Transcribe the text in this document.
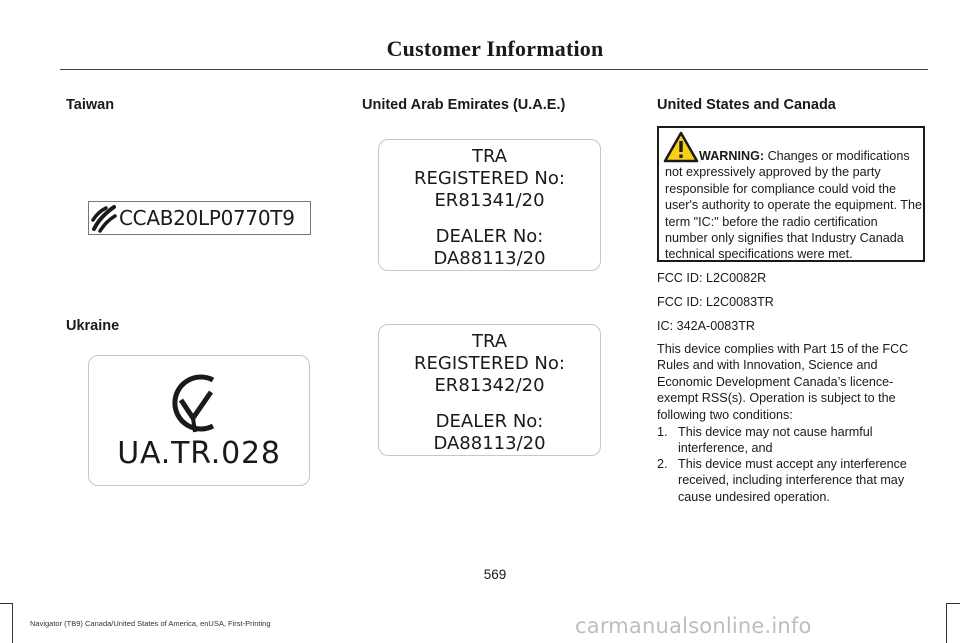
Customer Information
Taiwan
CCAB20LP0770T9
Ukraine
UA.TR.028
United Arab Emirates (U.A.E.)
TRA
REGISTERED No:
ER81341/20
DEALER No:
DA88113/20
TRA
REGISTERED No:
ER81342/20
DEALER No:
DA88113/20
United States and Canada
WARNING: Changes or modifications not expressively approved by the party responsible for compliance could void the user's authority to operate the equipment. The term "IC:" before the radio certification number only signifies that Industry Canada technical specifications were met.
FCC ID: L2C0082R
FCC ID: L2C0083TR
IC: 342A-0083TR
This device complies with Part 15 of the FCC Rules and with Innovation, Science and Economic Development Canada’s licence-exempt RSS(s). Operation is subject to the following two conditions:
1. This device may not cause harmful interference, and
2. This device must accept any interference received, including interference that may cause undesired operation.
569
Navigator (TB9) Canada/United States of America, enUSA, First-Printing	carmanualsonline.info
